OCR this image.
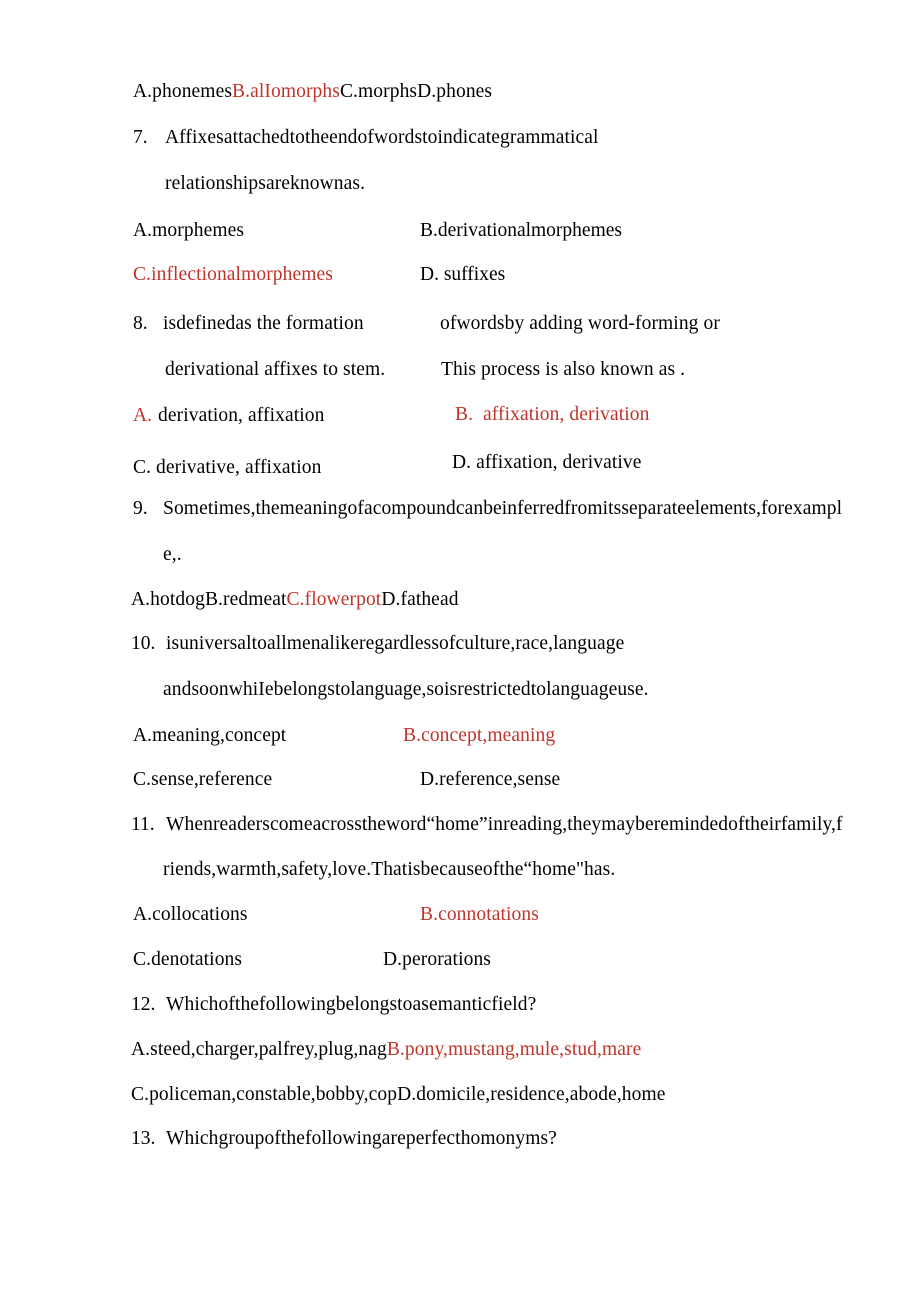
A.phonemesB.alIomorphsC.morphsD.phones
7. Affixesattachedtotheendofwordstoindicategrammatical
relationshipsareknownas.
A.morphemes	B.derivationalmorphemes
C.inflectionalmorphemes	D. suffixes
8. isdefinedas the formation	ofwordsby adding word-forming or
derivational affixes to stem.	This process is also known as .
A. derivation, affixation	B.  affixation, derivation
C. derivative, affixation	D. affixation, derivative
9. Sometimes,themeaningofacompoundcanbeinferredfromitsseparateelements,forexampl
e,.
A.hotdogB.redmeatC.flowerpotD.fathead
10. isuniversaltoallmenalikeregardlessofculture,race,language
andsoonwhiIebelongstolanguage,soisrestrictedtolanguageuse.
A.meaning,concept	B.concept,meaning
C.sense,reference	D.reference,sense
11. Whenreaderscomeacrosstheword“home”inreading,theymayberemindedoftheirfamily,f
riends,warmth,safety,love.Thatisbecauseofthe“home"has.
A.collocations	B.connotations
C.denotations	D.perorations
12. Whichofthefollowingbelongstoasemanticfield?
A.steed,charger,palfrey,plug,nagB.pony,mustang,mule,stud,mare
C.policeman,constable,bobby,copD.domicile,residence,abode,home
13. Whichgroupofthefollowingareperfecthomonyms?
